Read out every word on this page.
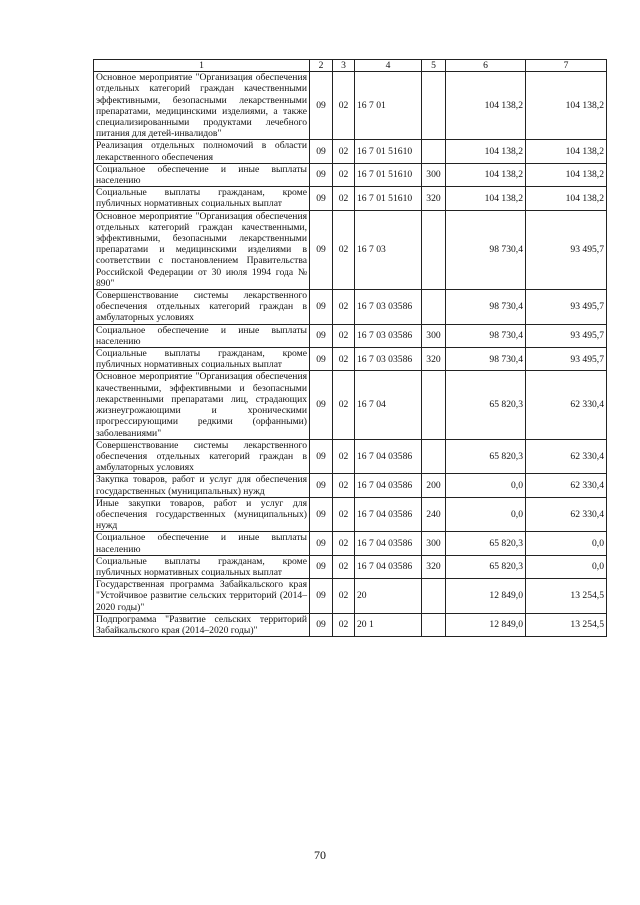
1	2	3	4	5	6	7
Основное мероприятие "Организация обеспечения отдельных категорий граждан качественными эффективными, безопасными лекарственными препаратами, медицинскими изделиями, а также специализированными продуктами лечебного питания для детей-инвалидов"	09	02	16 7 01		104 138,2	104 138,2
Реализация отдельных полномочий в области лекарственного обеспечения	09	02	16 7 01 51610		104 138,2	104 138,2
Социальное обеспечение и иные выплаты населению	09	02	16 7 01 51610	300	104 138,2	104 138,2
Социальные выплаты гражданам, кроме публичных нормативных социальных выплат	09	02	16 7 01 51610	320	104 138,2	104 138,2
Основное мероприятие "Организация обеспечения отдельных категорий граждан качественными, эффективными, безопасными лекарственными препаратами и медицинскими изделиями в соответствии с постановлением Правительства Российской Федерации от 30 июля 1994 года № 890"	09	02	16 7 03		98 730,4	93 495,7
Совершенствование системы лекарственного обеспечения отдельных категорий граждан в амбулаторных условиях	09	02	16 7 03 03586		98 730,4	93 495,7
Социальное обеспечение и иные выплаты населению	09	02	16 7 03 03586	300	98 730,4	93 495,7
Социальные выплаты гражданам, кроме публичных нормативных социальных выплат	09	02	16 7 03 03586	320	98 730,4	93 495,7
Основное мероприятие "Организация обеспечения качественными, эффективными и безопасными лекарственными препаратами лиц, страдающих жизнеугрожающими и хроническими прогрессирующими редкими (орфанными) заболеваниями"	09	02	16 7 04		65 820,3	62 330,4
Совершенствование системы лекарственного обеспечения отдельных категорий граждан в амбулаторных условиях	09	02	16 7 04 03586		65 820,3	62 330,4
Закупка товаров, работ и услуг для обеспечения государственных (муниципальных) нужд	09	02	16 7 04 03586	200	0,0	62 330,4
Иные закупки товаров, работ и услуг для обеспечения государственных (муниципальных) нужд	09	02	16 7 04 03586	240	0,0	62 330,4
Социальное обеспечение и иные выплаты населению	09	02	16 7 04 03586	300	65 820,3	0,0
Социальные выплаты гражданам, кроме публичных нормативных социальных выплат	09	02	16 7 04 03586	320	65 820,3	0,0
Государственная программа Забайкальского края "Устойчивое развитие сельских территорий (2014–2020 годы)"	09	02	20		12 849,0	13 254,5
Подпрограмма "Развитие сельских территорий Забайкальского края (2014–2020 годы)"	09	02	20 1		12 849,0	13 254,5
70
